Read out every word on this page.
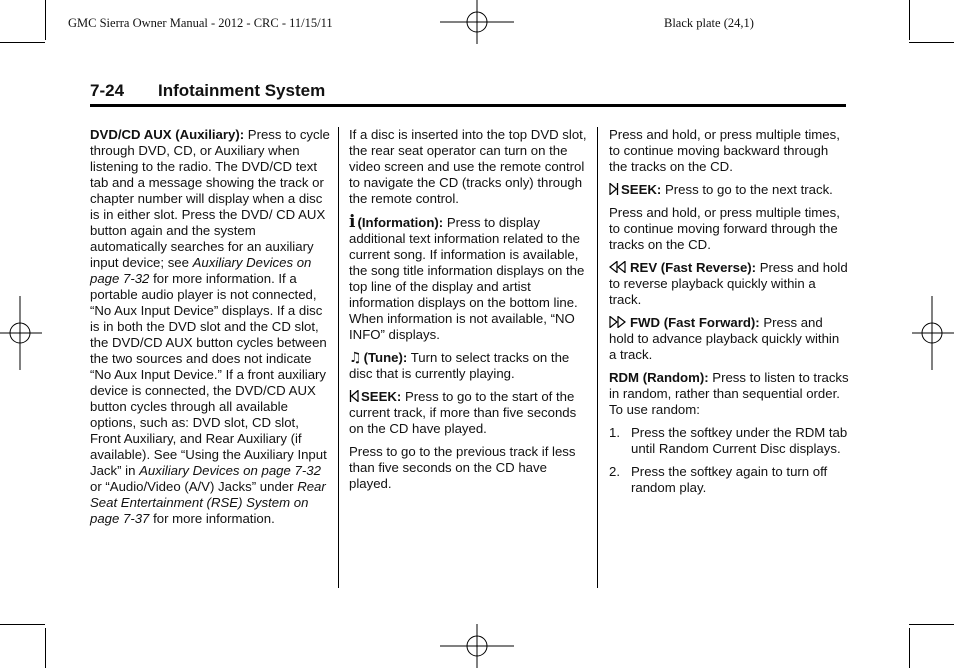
GMC Sierra Owner Manual - 2012 - CRC - 11/15/11	Black plate (24,1)
7-24 Infotainment System

DVD/CD AUX (Auxiliary): Press to cycle through DVD, CD, or Auxiliary when listening to the radio. The DVD/CD text tab and a message showing the track or chapter number will display when a disc is in either slot. Press the DVD/ CD AUX button again and the system automatically searches for an auxiliary input device; see Auxiliary Devices on page 7-32 for more information. If a portable audio player is not connected, “No Aux Input Device” displays. If a disc is in both the DVD slot and the CD slot, the DVD/CD AUX button cycles between the two sources and does not indicate “No Aux Input Device.” If a front auxiliary device is connected, the DVD/CD AUX button cycles through all available options, such as: DVD slot, CD slot, Front Auxiliary, and Rear Auxiliary (if available). See “Using the Auxiliary Input Jack” in Auxiliary Devices on page 7-32 or “Audio/Video (A/V) Jacks” under Rear Seat Entertainment (RSE) System on page 7-37 for more information.

If a disc is inserted into the top DVD slot, the rear seat operator can turn on the video screen and use the remote control to navigate the CD (tracks only) through the remote control.

i (Information): Press to display additional text information related to the current song. If information is available, the song title information displays on the top line of the display and artist information displays on the bottom line. When information is not available, “NO INFO” displays.

♫ (Tune): Turn to select tracks on the disc that is currently playing.

SEEK: Press to go to the start of the current track, if more than five seconds on the CD have played.

Press to go to the previous track if less than five seconds on the CD have played.

Press and hold, or press multiple times, to continue moving backward through the tracks on the CD.

SEEK: Press to go to the next track.

Press and hold, or press multiple times, to continue moving forward through the tracks on the CD.

REV (Fast Reverse): Press and hold to reverse playback quickly within a track.

FWD (Fast Forward): Press and hold to advance playback quickly within a track.

RDM (Random): Press to listen to tracks in random, rather than sequential order. To use random:

1. Press the softkey under the RDM tab until Random Current Disc displays.
2. Press the softkey again to turn off random play.
